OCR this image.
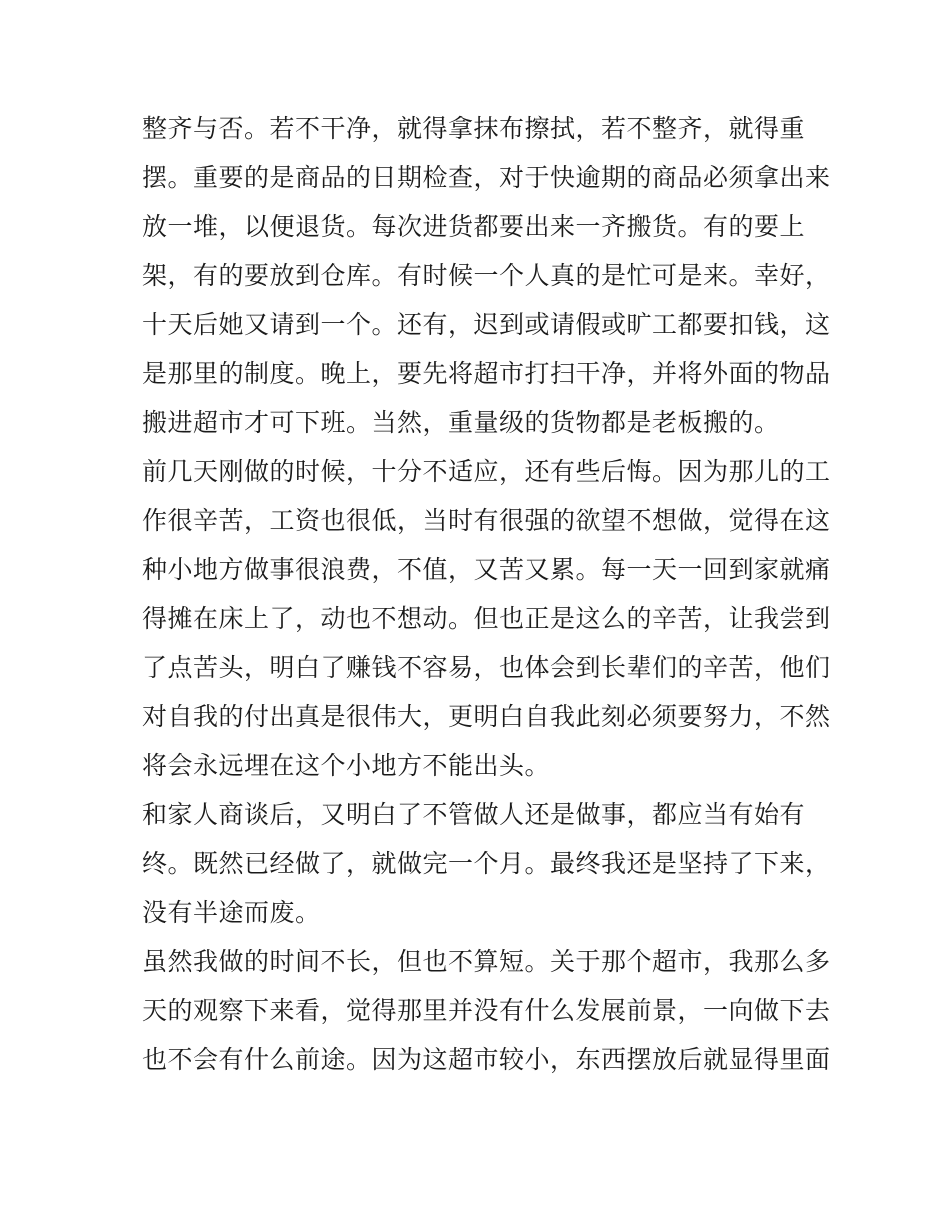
整齐与否。若不干净，就得拿抹布擦拭，若不整齐，就得重
摆。重要的是商品的日期检查，对于快逾期的商品必须拿出来
放一堆，以便退货。每次进货都要出来一齐搬货。有的要上
架，有的要放到仓库。有时候一个人真的是忙可是来。幸好，
十天后她又请到一个。还有，迟到或请假或旷工都要扣钱，这
是那里的制度。晚上，要先将超市打扫干净，并将外面的物品
搬进超市才可下班。当然，重量级的货物都是老板搬的。
前几天刚做的时候，十分不适应，还有些后悔。因为那儿的工
作很辛苦，工资也很低，当时有很强的欲望不想做，觉得在这
种小地方做事很浪费，不值，又苦又累。每一天一回到家就痛
得摊在床上了，动也不想动。但也正是这么的辛苦，让我尝到
了点苦头，明白了赚钱不容易，也体会到长辈们的辛苦，他们
对自我的付出真是很伟大，更明白自我此刻必须要努力，不然
将会永远埋在这个小地方不能出头。
和家人商谈后，又明白了不管做人还是做事，都应当有始有
终。既然已经做了，就做完一个月。最终我还是坚持了下来，
没有半途而废。
虽然我做的时间不长，但也不算短。关于那个超市，我那么多
天的观察下来看，觉得那里并没有什么发展前景，一向做下去
也不会有什么前途。因为这超市较小，东西摆放后就显得里面
